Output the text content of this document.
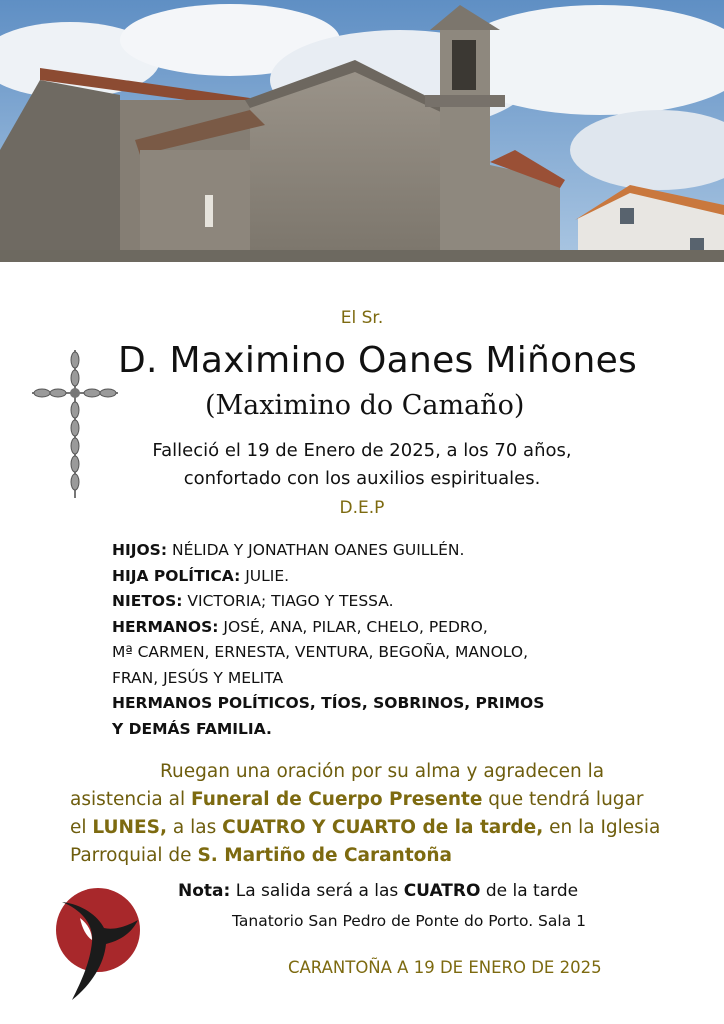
El Sr.

D. Maximino Oanes Miñones

(Maximino do Camaño)

Falleció el 19 de Enero de 2025, a los 70 años,

confortado con los auxilios espirituales.

D.E.P

HIJOS: NÉLIDA Y JONATHAN OANES GUILLÉN.
HIJA POLÍTICA: JULIE.
NIETOS: VICTORIA; TIAGO Y TESSA.
HERMANOS: JOSÉ, ANA, PILAR, CHELO, PEDRO,
Mª CARMEN, ERNESTA, VENTURA, BEGOÑA, MANOLO,
FRAN, JESÚS Y MELITA
HERMANOS POLÍTICOS, TÍOS, SOBRINOS, PRIMOS
Y DEMÁS FAMILIA.
Ruegan una oración por su alma y agradecen la
asistencia al Funeral de Cuerpo Presente que tendrá lugar
el LUNES, a las CUATRO Y CUARTO de la tarde, en la Iglesia
Parroquial de S. Martiño de Carantoña

Nota: La salida será a las CUATRO de la tarde

Tanatorio San Pedro de Ponte do Porto. Sala 1

CARANTOÑA A 19 DE ENERO DE 2025
